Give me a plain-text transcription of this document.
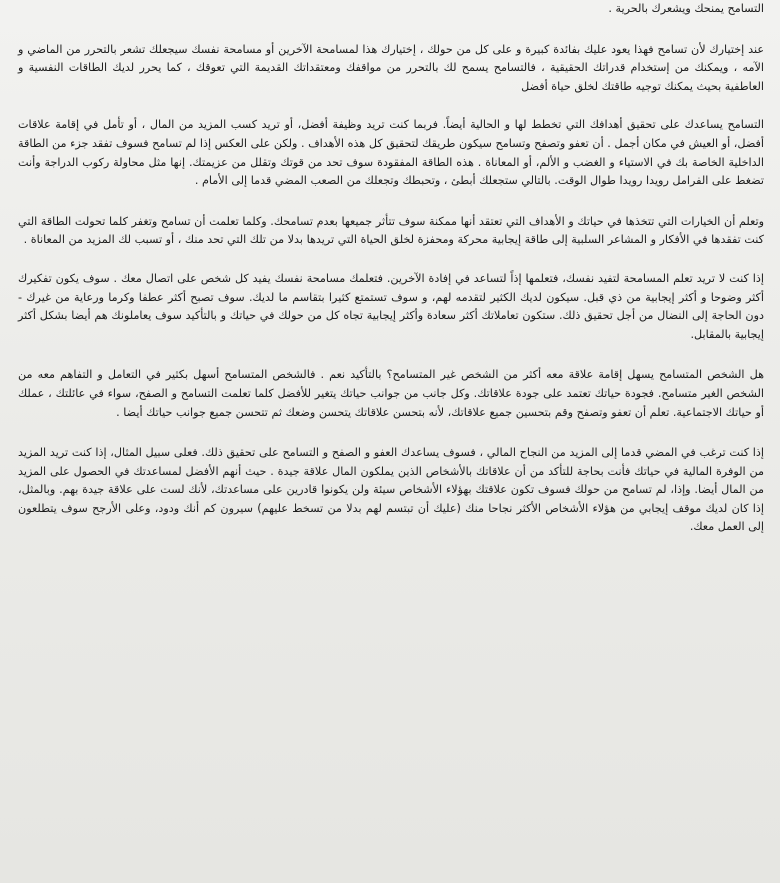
التسامح يمنحك ويشعرك بالحرية .

عند إختيارك لأن تسامح فهذا يعود عليك بفائدة كبيرة و على كل من حولك ، إختيارك هذا لمسامحة الآخرين أو مسامحة نفسك سيجعلك تشعر بالتحرر من الماضي و الآمه ، ويمكنك من إستخدام قدراتك الحقيقية ، فالتسامح يسمح لك بالتحرر من مواقفك ومعتقداتك القديمة التي تعوقك ، كما يحرر لديك الطاقات النفسية و العاطفية بحيث يمكنك توجيه طاقتك لخلق حياة أفضل

التسامح يساعدك على تحقيق أهدافك التي تخطط لها و الحالية أيضاً. فربما كنت تريد وظيفة أفضل، أو تريد كسب المزيد من المال ، أو تأمل في إقامة علاقات أفضل، أو العيش في مكان أجمل . أن تعفو وتصفح وتسامح سيكون طريقك لتحقيق كل هذه الأهداف . ولكن على العكس إذا لم تسامح فسوف تفقد جزء من الطاقة الداخلية الخاصة بك في الاستياء و الغضب و الألم، أو المعاناة . هذه الطاقة المفقودة سوف تحد من قوتك وتقلل من عزيمتك. إنها مثل محاولة ركوب الدراجة وأنت تضغط على الفرامل رويدا رويدا طوال الوقت. بالتالي ستجعلك أبطئ ، وتحبطك وتجعلك من الصعب المضي قدما إلى الأمام .

وتعلم أن الخيارات التي تتخذها في حياتك و الأهداف التي تعتقد أنها ممكنة سوف تتأثر جميعها بعدم تسامحك. وكلما تعلمت أن تسامح وتغفر كلما تحولت الطاقة التي كنت تفقدها في الأفكار و المشاعر السلبية إلى طاقة إيجابية محركة ومحفزة لخلق الحياة التي تريدها بدلا من تلك التي تحد منك ، أو تسبب لك المزيد من المعاناة .

إذا كنت لا تريد تعلم المسامحة لتفيد نفسك، فتعلمها إذاً لتساعد في إفادة الآخرين. فتعلمك مسامحة نفسك يفيد كل شخص على اتصال معك . سوف يكون تفكيرك أكثر وضوحا و أكثر إيجابية من ذي قبل. سيكون لديك الكثير لتقدمه لهم، و سوف تستمتع كثيرا بتقاسم ما لديك. سوف تصبح أكثر عطفا وكرما ورعاية من غيرك - دون الحاجة إلى النضال من أجل تحقيق ذلك. ستكون تعاملاتك أكثر سعادة وأكثر إيجابية تجاه كل من حولك في حياتك و بالتأكيد سوف يعاملونك هم أيضا بشكل أكثر إيجابية بالمقابل.

هل الشخص المتسامح يسهل إقامة علاقة معه أكثر من الشخص غير المتسامح؟ بالتأكيد نعم . فالشخص المتسامح أسهل بكثير في التعامل و التفاهم معه من الشخص الغير متسامح. فجودة حياتك تعتمد على جودة علاقاتك. وكل جانب من جوانب حياتك يتغير للأفضل كلما تعلمت التسامح و الصفح، سواء في عائلتك ، عملك أو حياتك الاجتماعية. تعلم أن تعفو وتصفح وقم بتحسين جميع علاقاتك، لأنه بتحسن علاقاتك يتحسن وضعك ثم تتحسن جميع جوانب حياتك أيضا .

إذا كنت ترغب في المضي قدما إلى المزيد من النجاح المالي ، فسوف يساعدك العفو و الصفح و التسامح على تحقيق ذلك. فعلى سبيل المثال، إذا كنت تريد المزيد من الوفرة المالية في حياتك فأنت بحاجة للتأكد من أن علاقاتك بالأشخاص الذين يملكون المال علاقة جيدة . حيث أنهم الأفضل لمساعدتك في الحصول على المزيد من المال أيضا. وإذا، لم تسامح من حولك فسوف تكون علاقتك بهؤلاء الأشخاص سيئة ولن يكونوا قادرين على مساعدتك، لأنك لست على علاقة جيدة بهم. وبالمثل، إذا كان لديك موقف إيجابي من هؤلاء الأشخاص الأكثر نجاحا منك (عليك أن تبتسم لهم بدلا من تسخط عليهم) سيرون كم أنك ودود، وعلى الأرجح سوف يتطلعون إلى العمل معك.
